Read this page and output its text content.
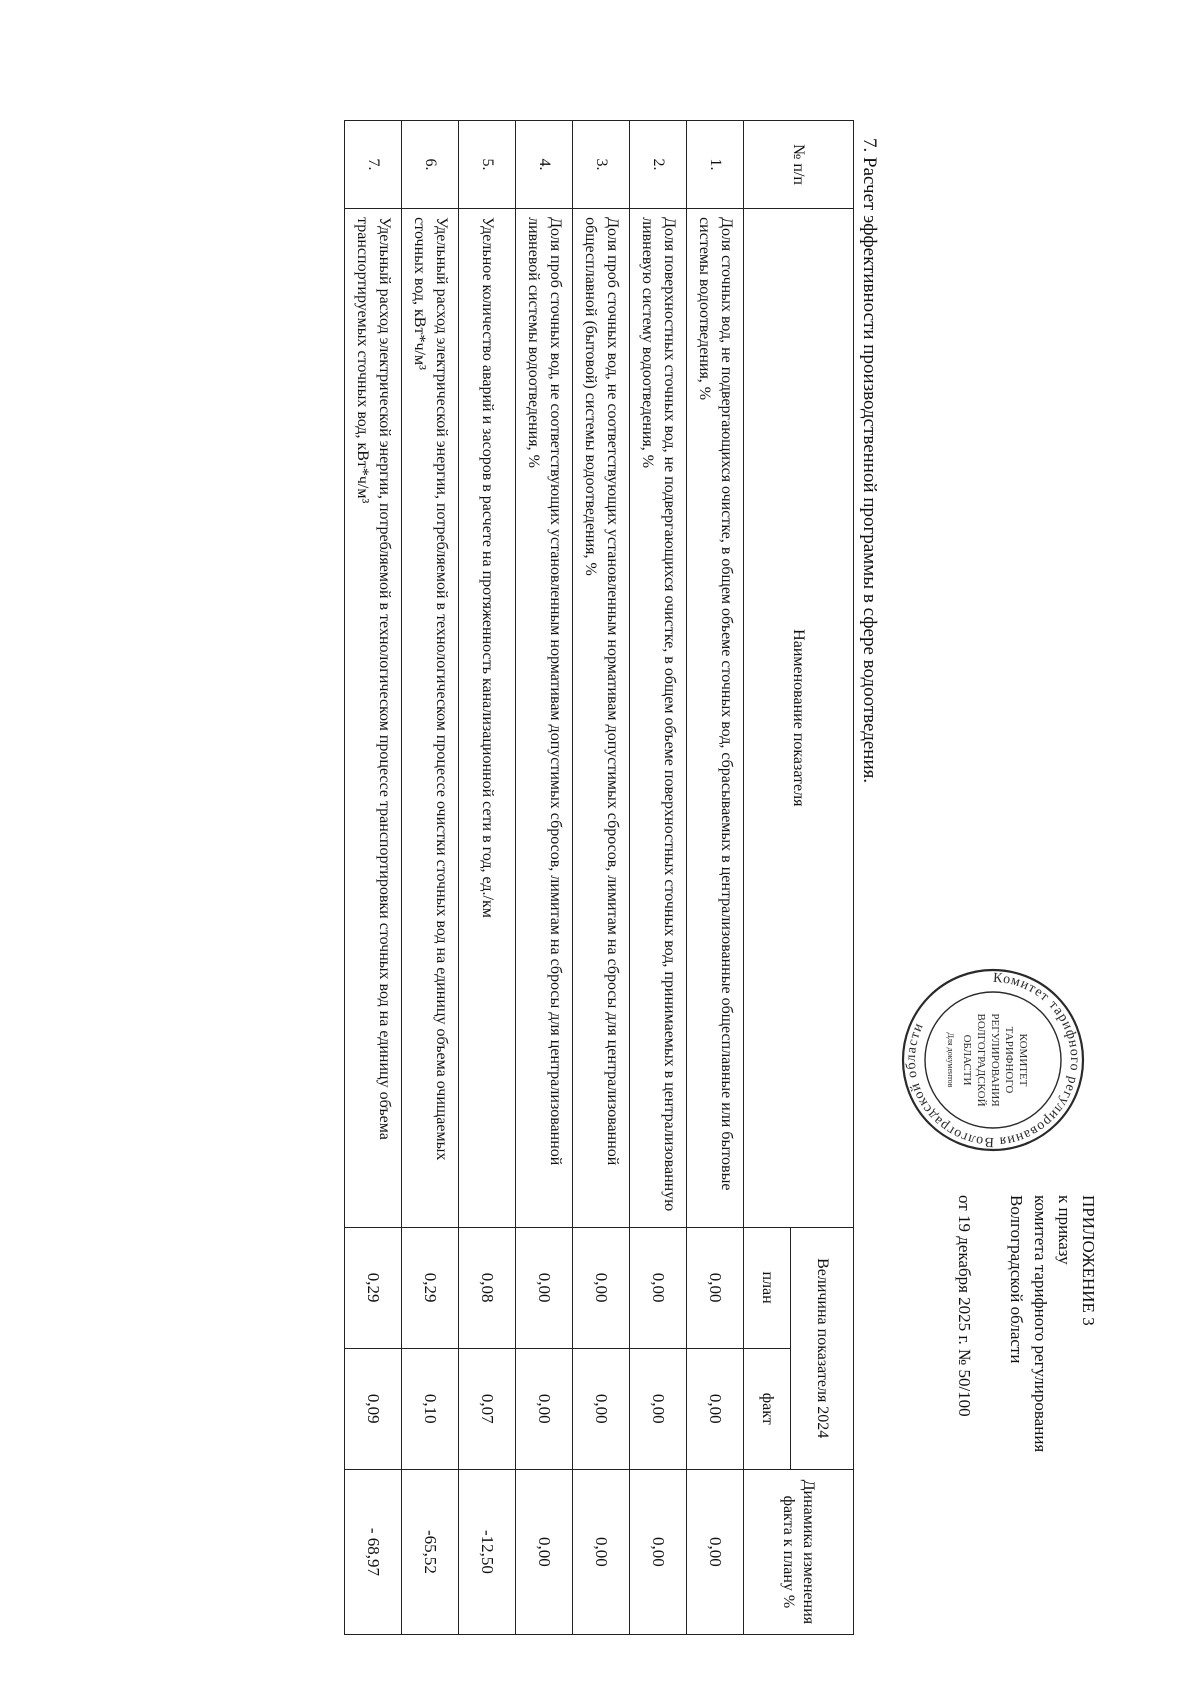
Комитет тарифного регулирования Волгоградской области
КОМИТЕТ
ТАРИФНОГО
РЕГУЛИРОВАНИЯ
ВОЛГОГРАДСКОЙ
ОБЛАСТИ
Для документов
ПРИЛОЖЕНИЕ 3
к приказу
комитета тарифного регулирования
Волгоградской области
от 19 декабря 2025 г. № 50/100
7. Расчет эффективности производственной программы в сфере водоотведения.
№ п/п	Наименование показателя	Величина показателя 2024		Динамика изменения факта к плану %
		план	факт	
1.	Доля сточных вод, не подвергающихся очистке, в общем объеме сточных вод, сбрасываемых в централизованные общесплавные или бытовые системы водоотведения, %	0,00	0,00	0,00
2.	Доля поверхностных сточных вод, не подвергающихся очистке, в общем объеме поверхностных сточных вод, принимаемых в централизованную ливневую систему водоотведения, %	0,00	0,00	0,00
3.	Доля проб сточных вод, не соответствующих установленным нормативам допустимых сбросов, лимитам на сбросы для централизованной общесплавной (бытовой) системы водоотведения, %	0,00	0,00	0,00
4.	Доля проб сточных вод, не соответствующих установленным нормативам допустимых сбросов, лимитам на сбросы для централизованной ливневой системы водоотведения, %	0,00	0,00	0,00
5.	Удельное количество аварий и засоров в расчете на протяженность канализационной сети в год, ед./км	0,08	0,07	-12,50
6.	Удельный расход электрической энергии, потребляемой в технологическом процессе очистки сточных вод на единицу объема очищаемых сточных вод, кВт*ч/м³	0,29	0,10	-65,52
7.	Удельный расход электрической энергии, потребляемой в технологическом процессе транспортировки сточных вод на единицу объема транспортируемых сточных вод, кВт*ч/м³	0,29	0,09	- 68,97
